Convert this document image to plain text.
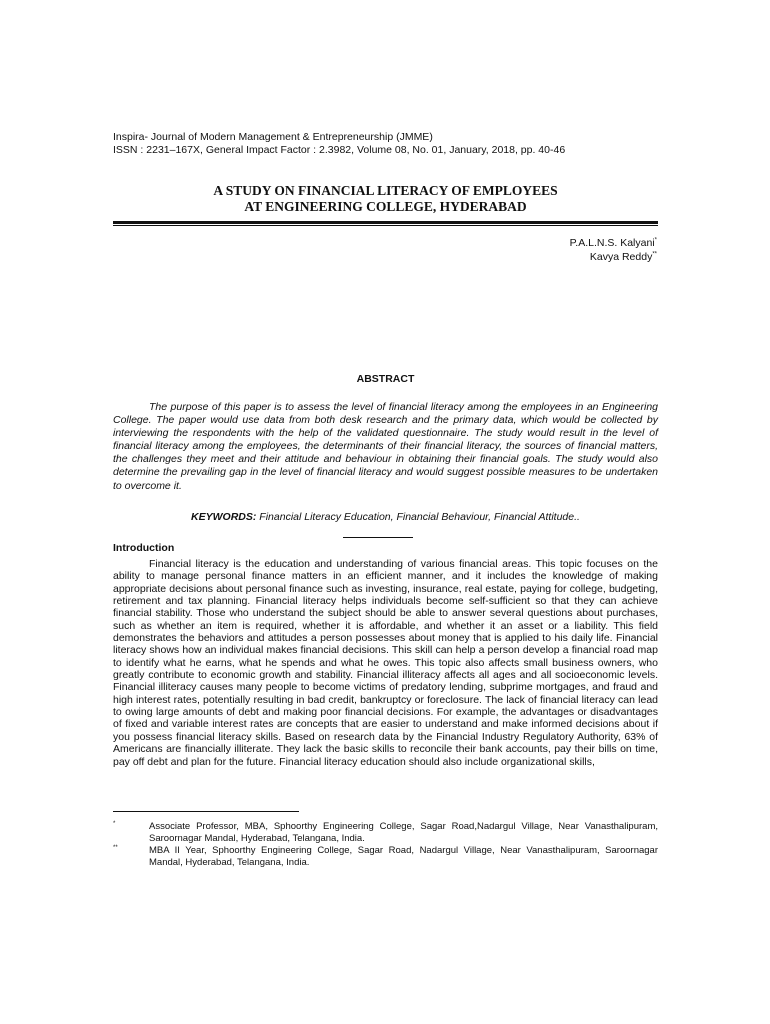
Inspira- Journal of Modern Management & Entrepreneurship (JMME)
ISSN : 2231–167X, General Impact Factor : 2.3982, Volume 08, No. 01, January, 2018, pp. 40-46
A STUDY ON FINANCIAL LITERACY OF EMPLOYEES
AT ENGINEERING COLLEGE, HYDERABAD
P.A.L.N.S. Kalyani*
Kavya Reddy**
ABSTRACT
The purpose of this paper is to assess the level of financial literacy among the employees in an Engineering College. The paper would use data from both desk research and the primary data, which would be collected by interviewing the respondents with the help of the validated questionnaire. The study would result in the level of financial literacy among the employees, the determinants of their financial literacy, the sources of financial matters, the challenges they meet and their attitude and behaviour in obtaining their financial goals. The study would also determine the prevailing gap in the level of financial literacy and would suggest possible measures to be undertaken to overcome it.
KEYWORDS: Financial Literacy Education, Financial Behaviour, Financial Attitude..
Introduction
Financial literacy is the education and understanding of various financial areas. This topic focuses on the ability to manage personal finance matters in an efficient manner, and it includes the knowledge of making appropriate decisions about personal finance such as investing, insurance, real estate, paying for college, budgeting, retirement and tax planning. Financial literacy helps individuals become self-sufficient so that they can achieve financial stability. Those who understand the subject should be able to answer several questions about purchases, such as whether an item is required, whether it is affordable, and whether it an asset or a liability. This field demonstrates the behaviors and attitudes a person possesses about money that is applied to his daily life. Financial literacy shows how an individual makes financial decisions. This skill can help a person develop a financial road map to identify what he earns, what he spends and what he owes. This topic also affects small business owners, who greatly contribute to economic growth and stability. Financial illiteracy affects all ages and all socioeconomic levels. Financial illiteracy causes many people to become victims of predatory lending, subprime mortgages, and fraud and high interest rates, potentially resulting in bad credit, bankruptcy or foreclosure. The lack of financial literacy can lead to owing large amounts of debt and making poor financial decisions. For example, the advantages or disadvantages of fixed and variable interest rates are concepts that are easier to understand and make informed decisions about if you possess financial literacy skills. Based on research data by the Financial Industry Regulatory Authority, 63% of Americans are financially illiterate. They lack the basic skills to reconcile their bank accounts, pay their bills on time, pay off debt and plan for the future. Financial literacy education should also include organizational skills,
*	Associate Professor, MBA, Sphoorthy Engineering College, Sagar Road,Nadargul Village, Near Vanasthalipuram, Saroornagar Mandal, Hyderabad, Telangana, India.
**	MBA II Year, Sphoorthy Engineering College, Sagar Road, Nadargul Village, Near Vanasthalipuram, Saroornagar Mandal, Hyderabad, Telangana, India.
